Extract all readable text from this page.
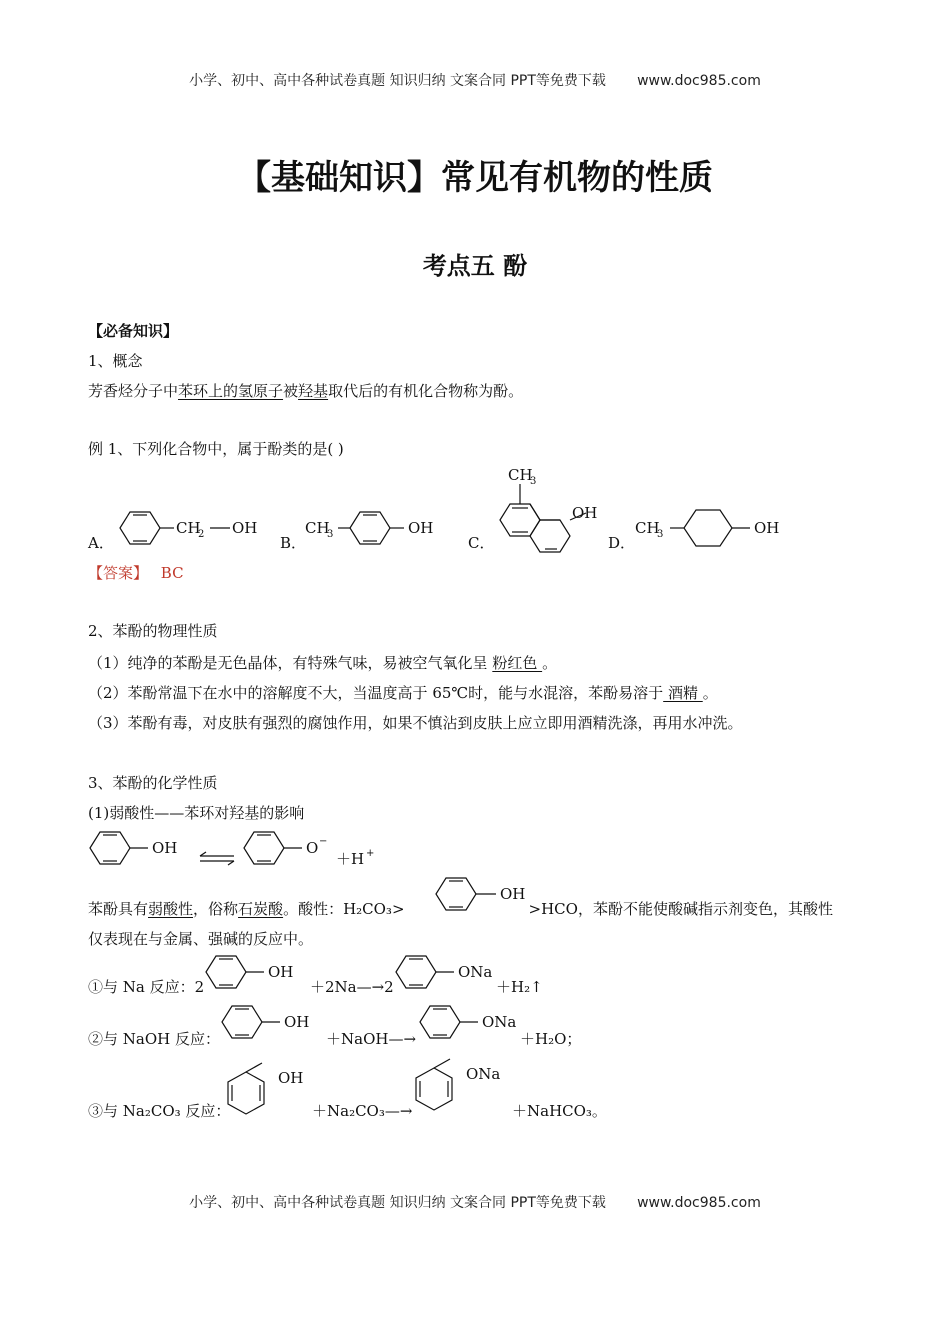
小学、初中、高中各种试卷真题 知识归纳 文案合同 PPT等免费下载 www.doc985.com
【基础知识】常见有机物的性质
考点五 酚
【必备知识】
1、概念
芳香烃分子中苯环上的氢原子被羟基取代后的有机化合物称为酚。
例 1、下列化合物中，属于酚类的是( )
A．
CH
2 OH
B．
CH
3	OH
C．
CH
3
OH
D．
CH
3	OH
【答案】 BC
2、苯酚的物理性质
（1）纯净的苯酚是无色晶体，有特殊气味，易被空气氧化呈 粉红色 。
（2）苯酚常温下在水中的溶解度不大，当温度高于 65℃时，能与水混溶，苯酚易溶于 酒精 。
（3）苯酚有毒，对皮肤有强烈的腐蚀作用，如果不慎沾到皮肤上应立即用酒精洗涤，再用水冲洗。
3、苯酚的化学性质
(1)弱酸性——苯环对羟基的影响
OH	O −
＋H +
苯酚具有弱酸性，俗称石炭酸。酸性：H₂CO₃>	>HCO，苯酚不能使酸碱指示剂变色，其酸性
OH
仅表现在与金属、强碱的反应中。
①与 Na 反应：2
OH
＋2Na—→2
ONa
＋H₂↑
②与 NaOH 反应：
OH
＋NaOH—→
ONa
＋H₂O；
③与 Na₂CO₃ 反应：
OH
＋Na₂CO₃—→
ONa
＋NaHCO₃。
小学、初中、高中各种试卷真题 知识归纳 文案合同 PPT等免费下载 www.doc985.com
